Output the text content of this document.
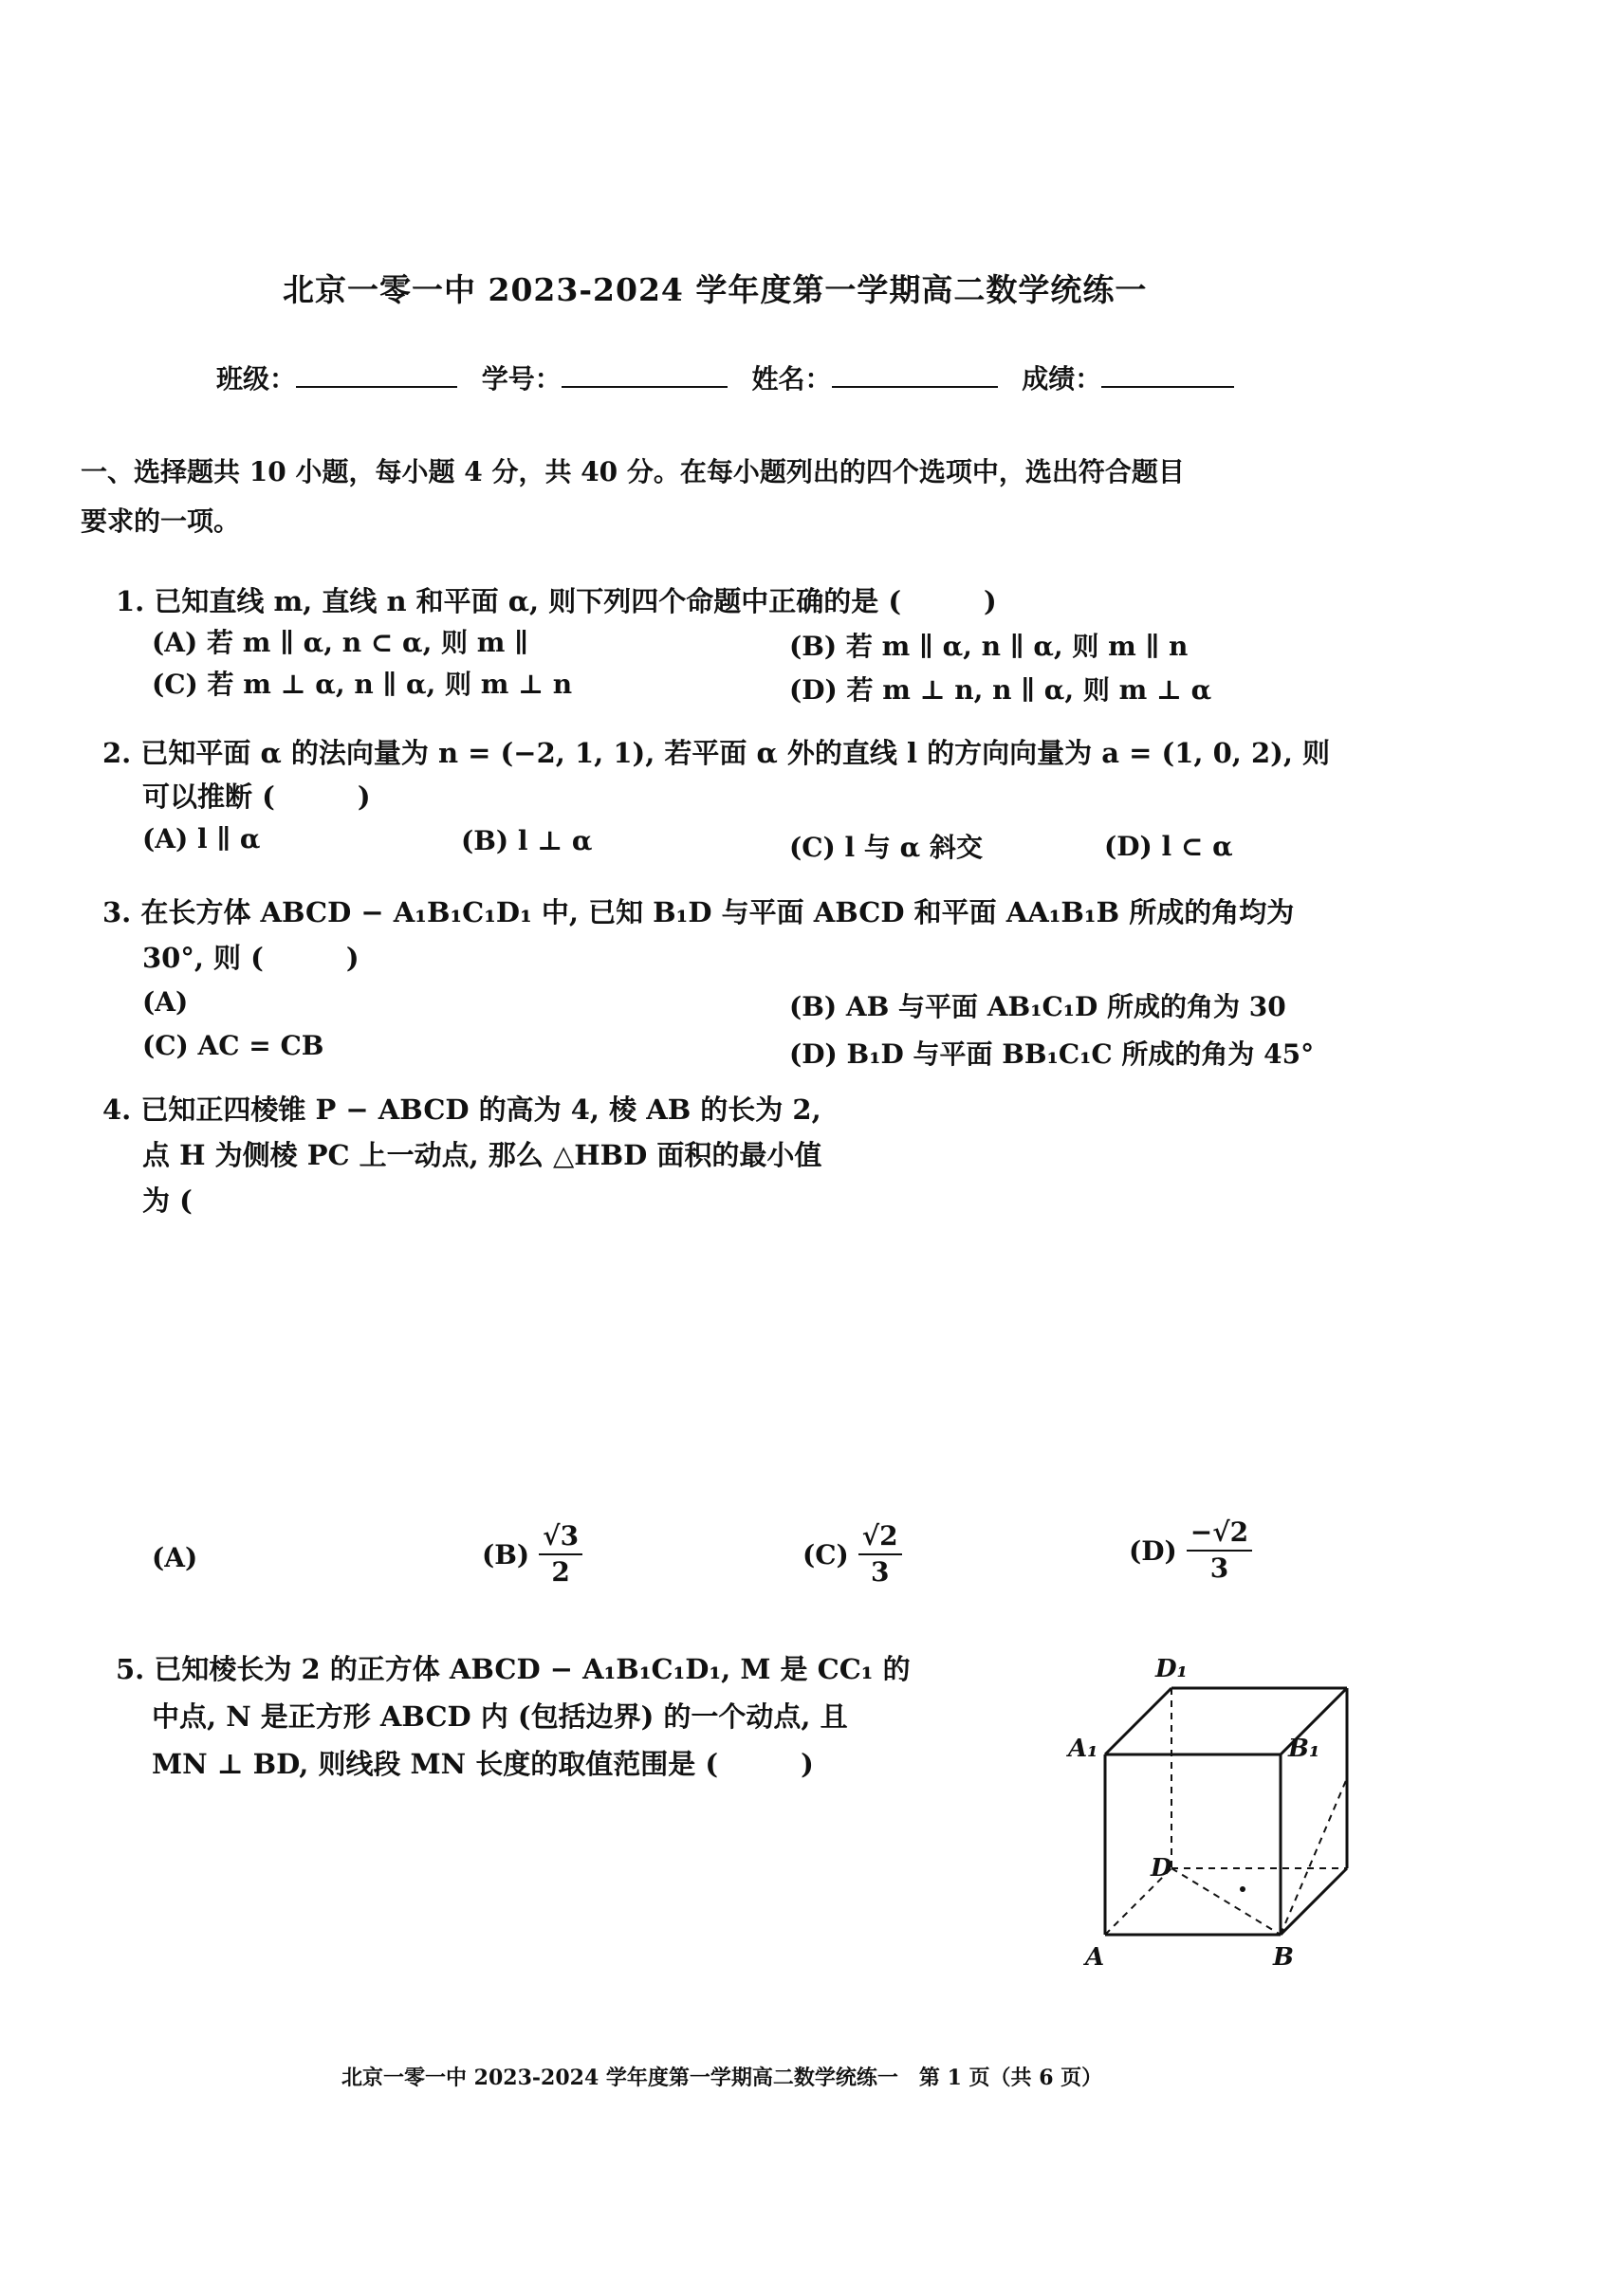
北京一零一中 2023-2024 学年度第一学期高二数学统练一
班级：	学号：	姓名：	成绩：
一、选择题共 10 小题，每小题 4 分，共 40 分。在每小题列出的四个选项中，选出符合题目
要求的一项。
1. 已知直线 m, 直线 n 和平面 α, 则下列四个命题中正确的是 (　　　)
(A) 若 m ∥ α, n ⊂ α, 则 m ∥	(B) 若 m ∥ α, n ∥ α, 则 m ∥ n
(C) 若 m ⊥ α, n ∥ α, 则 m ⊥ n	(D) 若 m ⊥ n, n ∥ α, 则 m ⊥ α
2. 已知平面 α 的法向量为 n = (−2, 1, 1), 若平面 α 外的直线 l 的方向向量为 a = (1, 0, 2), 则
可以推断 (　　　)
(A) l ∥ α	(B) l ⊥ α	(C) l 与 α 斜交	(D) l ⊂ α
3. 在长方体 ABCD − A₁B₁C₁D₁ 中, 已知 B₁D 与平面 ABCD 和平面 AA₁B₁B 所成的角均为
30°, 则 (　　　)
(A)	(B) AB 与平面 AB₁C₁D 所成的角为 30
(C) AC = CB	(D) B₁D 与平面 BB₁C₁C 所成的角为 45°
4. 已知正四棱锥 P − ABCD 的高为 4, 棱 AB 的长为 2,
点 H 为侧棱 PC 上一动点, 那么 △HBD 面积的最小值
为 (
(A)	$(B) \frac{√3}{2}$	$(C) \frac{√2}{3}$	$(D) \frac{-√2}{3}$
5. 已知棱长为 2 的正方体 ABCD − A₁B₁C₁D₁, M 是 CC₁ 的
中点, N 是正方形 ABCD 内 (包括边界) 的一个动点, 且
MN ⊥ BD, 则线段 MN 长度的取值范围是 (　　　)
D₁
A₁	B₁
D
A	B
北京一零一中 2023-2024 学年度第一学期高二数学统练一　第 1 页（共 6 页）
